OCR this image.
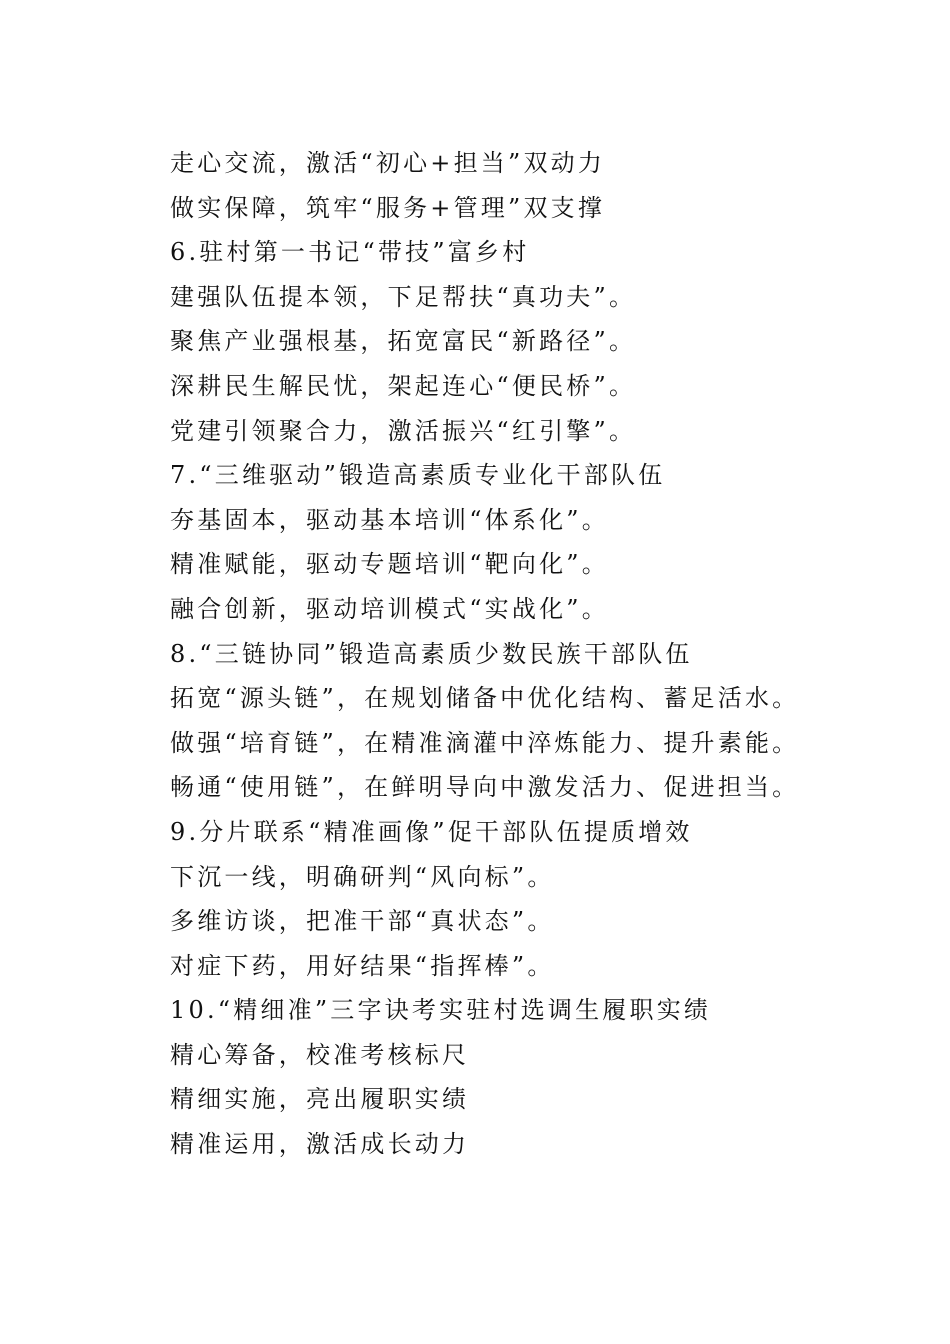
走心交流，激活“初心+担当”双动力
做实保障，筑牢“服务+管理”双支撑
6.驻村第一书记“带技”富乡村
建强队伍提本领，下足帮扶“真功夫”。
聚焦产业强根基，拓宽富民“新路径”。
深耕民生解民忧，架起连心“便民桥”。
党建引领聚合力，激活振兴“红引擎”。
7.“三维驱动”锻造高素质专业化干部队伍
夯基固本，驱动基本培训“体系化”。
精准赋能，驱动专题培训“靶向化”。
融合创新，驱动培训模式“实战化”。
8.“三链协同”锻造高素质少数民族干部队伍
拓宽“源头链”，在规划储备中优化结构、蓄足活水。
做强“培育链”，在精准滴灌中淬炼能力、提升素能。
畅通“使用链”，在鲜明导向中激发活力、促进担当。
9.分片联系“精准画像”促干部队伍提质增效
下沉一线，明确研判“风向标”。
多维访谈，把准干部“真状态”。
对症下药，用好结果“指挥棒”。
10.“精细准”三字诀考实驻村选调生履职实绩
精心筹备，校准考核标尺
精细实施，亮出履职实绩
精准运用，激活成长动力
